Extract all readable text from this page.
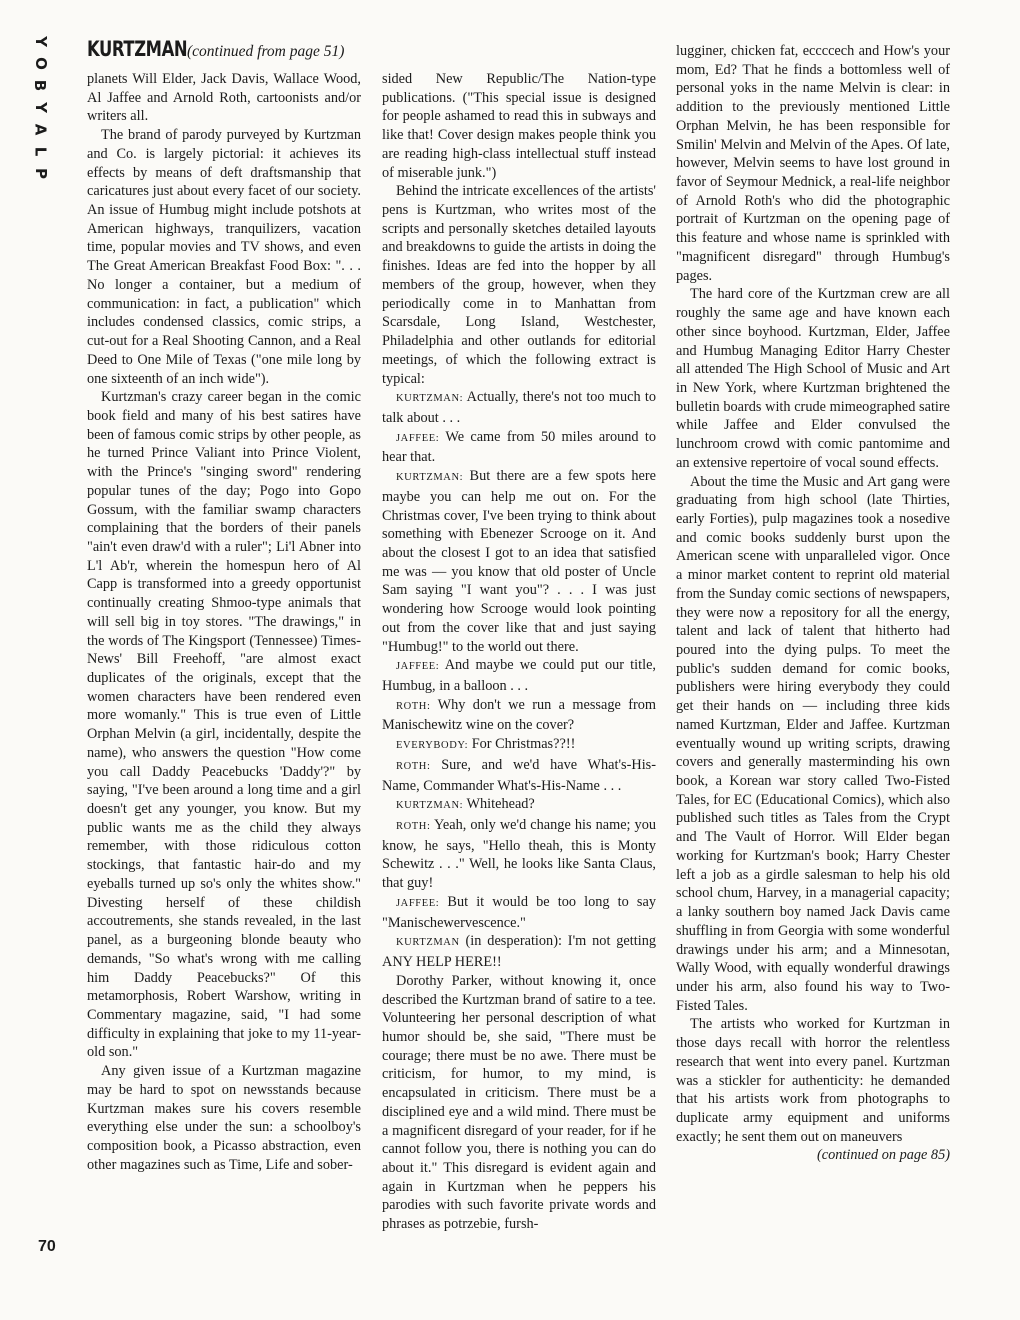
Y
O
B
Y
A
L
P
KURTZMAN (continued from page 51)

planets Will Elder, Jack Davis, Wallace Wood, Al Jaffee and Arnold Roth, cartoonists and/or writers all.

The brand of parody purveyed by Kurtzman and Co. is largely pictorial: it achieves its effects by means of deft draftsmanship that caricatures just about every facet of our society. An issue of Humbug might include potshots at American highways, tranquilizers, vacation time, popular movies and TV shows, and even The Great American Breakfast Food Box: ". . . No longer a container, but a medium of communication: in fact, a publication" which includes condensed classics, comic strips, a cut-out for a Real Shooting Cannon, and a Real Deed to One Mile of Texas ("one mile long by one sixteenth of an inch wide").

Kurtzman's crazy career began in the comic book field and many of his best satires have been of famous comic strips by other people, as he turned Prince Valiant into Prince Violent, with the Prince's "singing sword" rendering popular tunes of the day; Pogo into Gopo Gossum, with the familiar swamp characters complaining that the borders of their panels "ain't even draw'd with a ruler"; Li'l Abner into L'l Ab'r, wherein the homespun hero of Al Capp is transformed into a greedy opportunist continually creating Shmoo-type animals that will sell big in toy stores. "The drawings," in the words of The Kingsport (Tennessee) Times-News' Bill Freehoff, "are almost exact duplicates of the originals, except that the women characters have been rendered even more womanly." This is true even of Little Orphan Melvin (a girl, incidentally, despite the name), who answers the question "How come you call Daddy Peacebucks 'Daddy'?" by saying, "I've been around a long time and a girl doesn't get any younger, you know. But my public wants me as the child they always remember, with those ridiculous cotton stockings, that fantastic hair-do and my eyeballs turned up so's only the whites show." Divesting herself of these childish accoutrements, she stands revealed, in the last panel, as a burgeoning blonde beauty who demands, "So what's wrong with me calling him Daddy Peacebucks?" Of this metamorphosis, Robert Warshow, writing in Commentary magazine, said, "I had some difficulty in explaining that joke to my 11-year-old son."

Any given issue of a Kurtzman magazine may be hard to spot on newsstands because Kurtzman makes sure his covers resemble everything else under the sun: a schoolboy's composition book, a Picasso abstraction, even other magazines such as Time, Life and sober-

sided New Republic/The Nation-type publications. ("This special issue is designed for people ashamed to read this in subways and like that! Cover design makes people think you are reading high-class intellectual stuff instead of miserable junk.")

Behind the intricate excellences of the artists' pens is Kurtzman, who writes most of the scripts and personally sketches detailed layouts and breakdowns to guide the artists in doing the finishes. Ideas are fed into the hopper by all members of the group, however, when they periodically come in to Manhattan from Scarsdale, Long Island, Westchester, Philadelphia and other outlands for editorial meetings, of which the following extract is typical:

KURTZMAN: Actually, there's not too much to talk about . . .

JAFFEE: We came from 50 miles around to hear that.

KURTZMAN: But there are a few spots here maybe you can help me out on. For the Christmas cover, I've been trying to think about something with Ebenezer Scrooge on it. And about the closest I got to an idea that satisfied me was — you know that old poster of Uncle Sam saying "I want you"? . . . I was just wondering how Scrooge would look pointing out from the cover like that and just saying "Humbug!" to the world out there.

JAFFEE: And maybe we could put our title, Humbug, in a balloon . . .

ROTH: Why don't we run a message from Manischewitz wine on the cover?

EVERYBODY: For Christmas??!!

ROTH: Sure, and we'd have What's-His-Name, Commander What's-His-Name . . .

KURTZMAN: Whitehead?

ROTH: Yeah, only we'd change his name; you know, he says, "Hello theah, this is Monty Schewitz . . ." Well, he looks like Santa Claus, that guy!

JAFFEE: But it would be too long to say "Manischewervescence."

KURTZMAN (in desperation): I'm not getting ANY HELP HERE!!

Dorothy Parker, without knowing it, once described the Kurtzman brand of satire to a tee. Volunteering her personal description of what humor should be, she said, "There must be courage; there must be no awe. There must be criticism, for humor, to my mind, is encapsulated in criticism. There must be a disciplined eye and a wild mind. There must be a magnificent disregard of your reader, for if he cannot follow you, there is nothing you can do about it." This disregard is evident again and again in Kurtzman when he peppers his parodies with such favorite private words and phrases as potrzebie, fursh-

lugginer, chicken fat, eccccech and How's your mom, Ed? That he finds a bottomless well of personal yoks in the name Melvin is clear: in addition to the previously mentioned Little Orphan Melvin, he has been responsible for Smilin' Melvin and Melvin of the Apes. Of late, however, Melvin seems to have lost ground in favor of Seymour Mednick, a real-life neighbor of Arnold Roth's who did the photographic portrait of Kurtzman on the opening page of this feature and whose name is sprinkled with "magnificent disregard" through Humbug's pages.

The hard core of the Kurtzman crew are all roughly the same age and have known each other since boyhood. Kurtzman, Elder, Jaffee and Humbug Managing Editor Harry Chester all attended The High School of Music and Art in New York, where Kurtzman brightened the bulletin boards with crude mimeographed satire while Jaffee and Elder convulsed the lunchroom crowd with comic pantomime and an extensive repertoire of vocal sound effects.

About the time the Music and Art gang were graduating from high school (late Thirties, early Forties), pulp magazines took a nosedive and comic books suddenly burst upon the American scene with unparalleled vigor. Once a minor market content to reprint old material from the Sunday comic sections of newspapers, they were now a repository for all the energy, talent and lack of talent that hitherto had poured into the dying pulps. To meet the public's sudden demand for comic books, publishers were hiring everybody they could get their hands on — including three kids named Kurtzman, Elder and Jaffee. Kurtzman eventually wound up writing scripts, drawing covers and generally masterminding his own book, a Korean war story called Two-Fisted Tales, for EC (Educational Comics), which also published such titles as Tales from the Crypt and The Vault of Horror. Will Elder began working for Kurtzman's book; Harry Chester left a job as a girdle salesman to help his old school chum, Harvey, in a managerial capacity; a lanky southern boy named Jack Davis came shuffling in from Georgia with some wonderful drawings under his arm; and a Minnesotan, Wally Wood, with equally wonderful drawings under his arm, also found his way to Two-Fisted Tales.

The artists who worked for Kurtzman in those days recall with horror the relentless research that went into every panel. Kurtzman was a stickler for authenticity: he demanded that his artists work from photographs to duplicate army equipment and uniforms exactly; he sent them out on maneuvers

(continued on page 85)

70
